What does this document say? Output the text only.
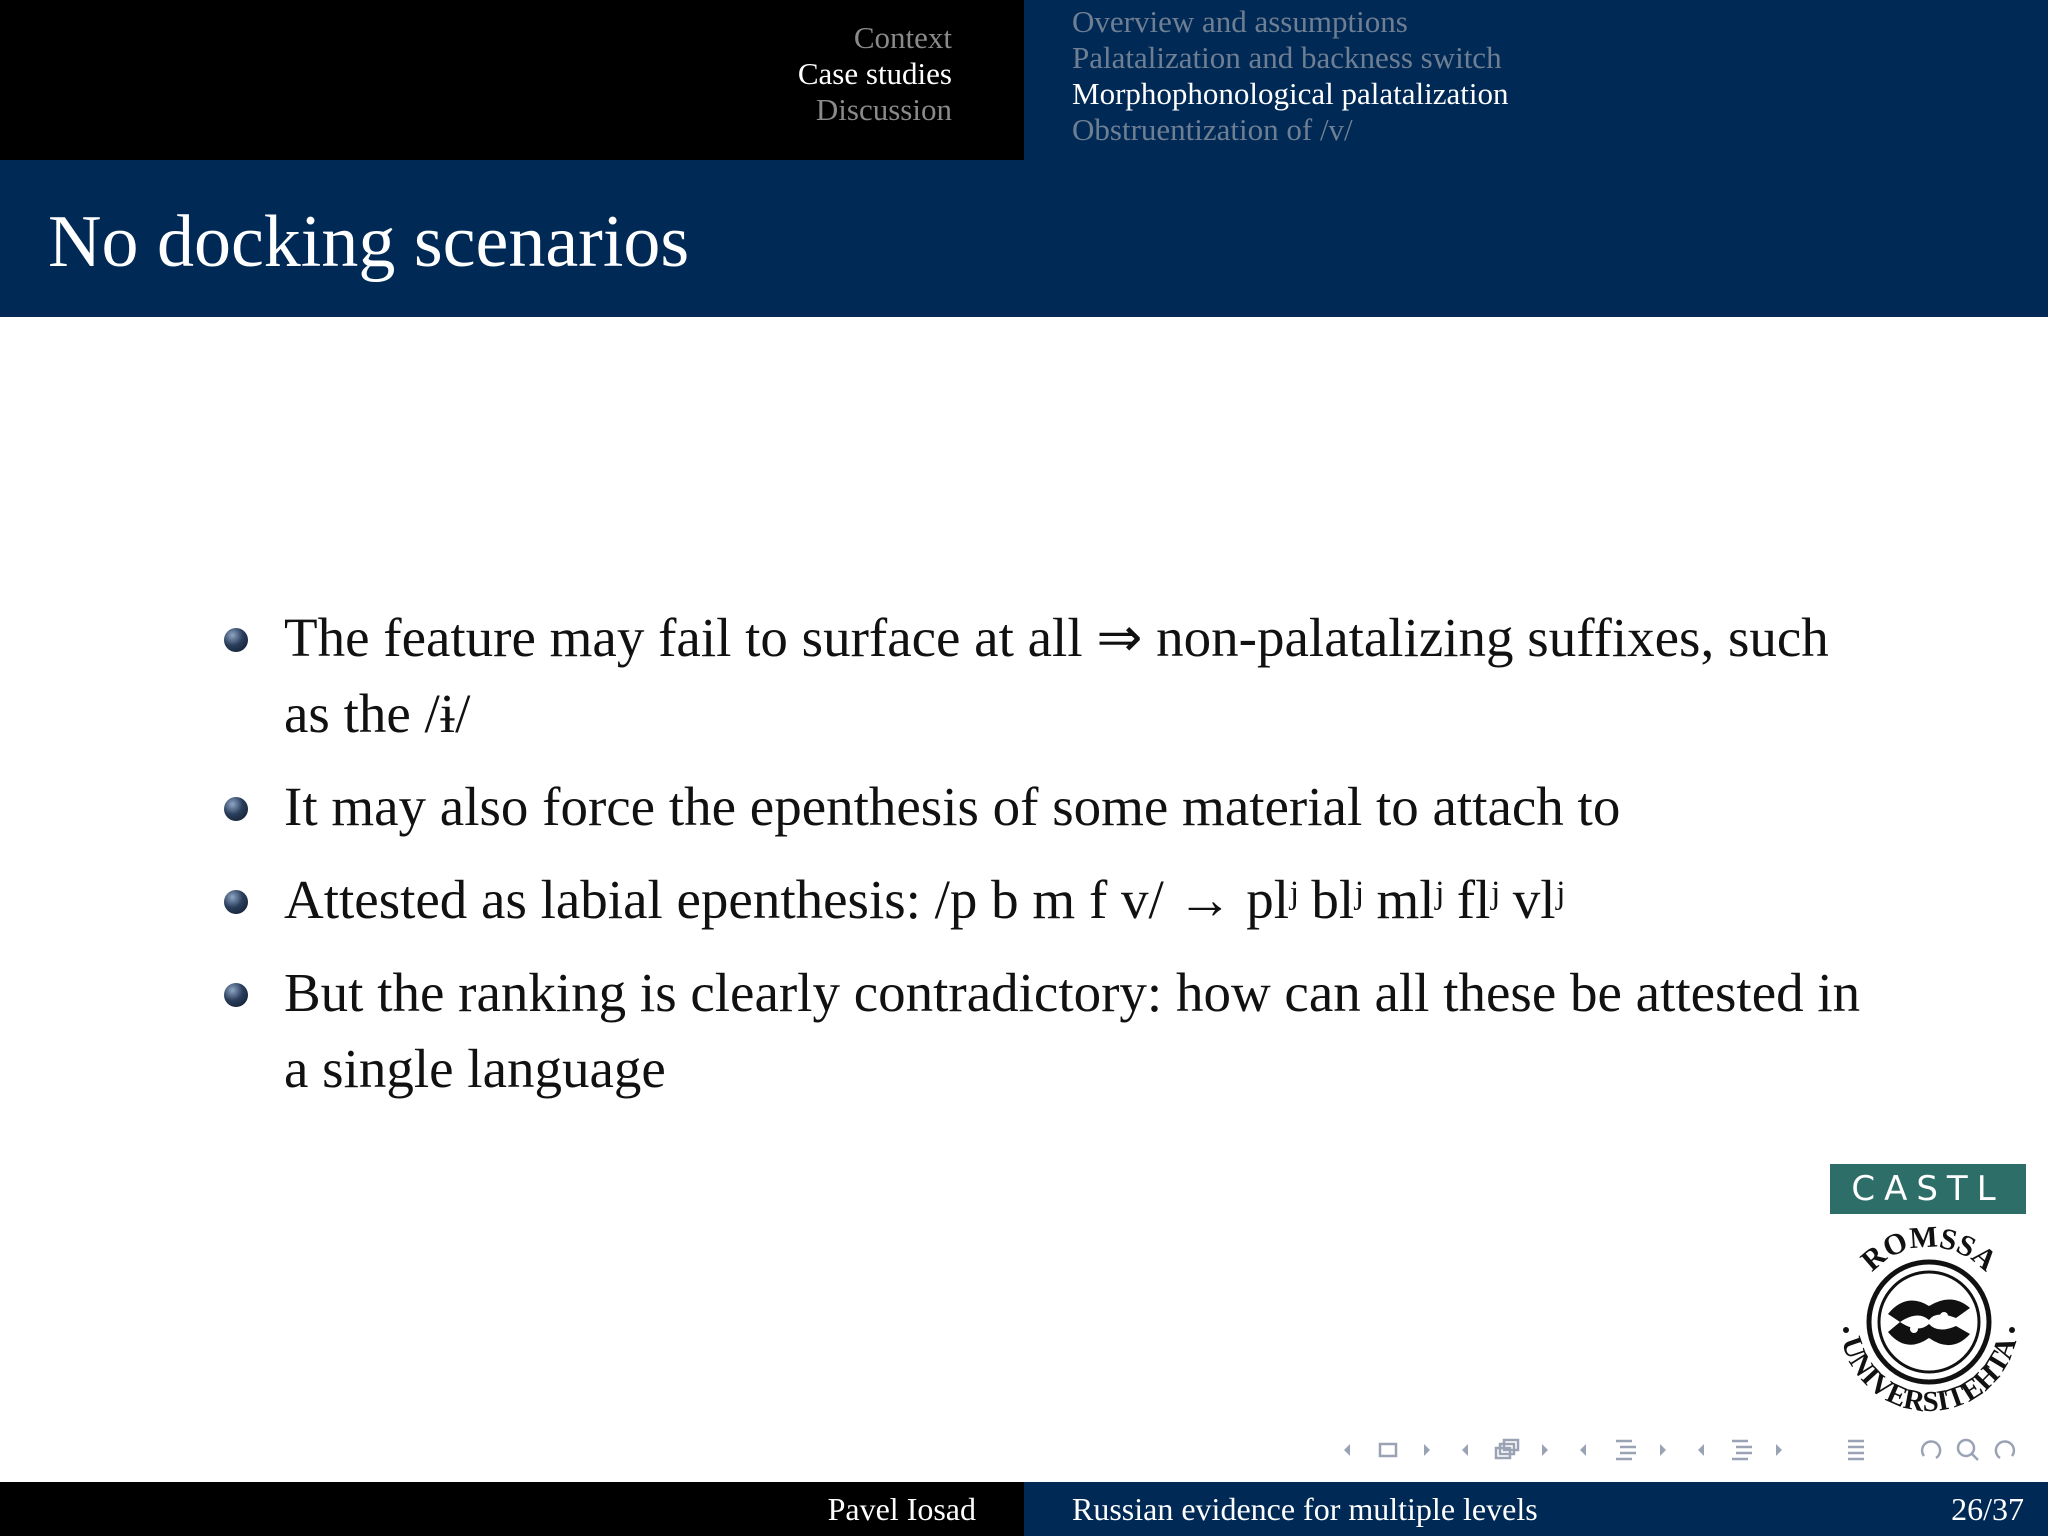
Context
Case studies
Discussion
Overview and assumptions
Palatalization and backness switch
Morphophonological palatalization
Obstruentization of /v/
No docking scenarios
The feature may fail to surface at all ⇒ non-palatalizing suffixes, such as the /ɨ/
It may also force the epenthesis of some material to attach to
Attested as labial epenthesis: /p b m f v/ → plʲ blʲ mlʲ flʲ vlʲ
But the ranking is clearly contradictory: how can all these be attested in a single language
CASTL
ROMSSA
UNIVERSITEHTA
Pavel Iosad	Russian evidence for multiple levels	26/37
